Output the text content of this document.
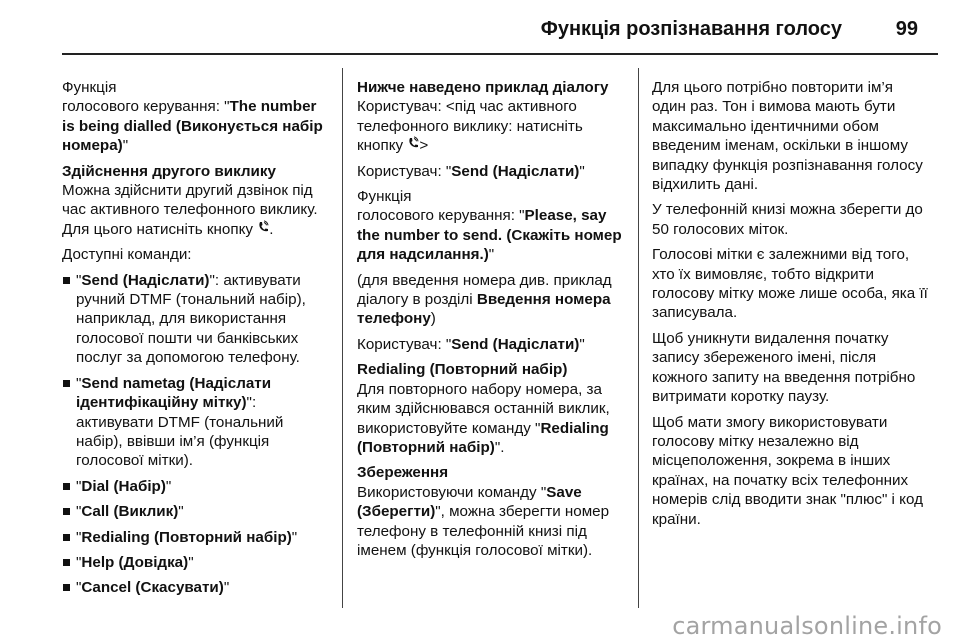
Функція розпізнавання голосу	99

Функція
голосового керування: "The number is being dialled (Виконується набір номера)"

Здійснення другого виклику

Можна здійснити другий дзвінок під час активного телефонного виклику. Для цього натисніть кнопку .

Доступні команди:

"Send (Надіслати)": активувати ручний DTMF (тональний набір), наприклад, для використання голосової пошти чи банківських послуг за допомогою телефону.
"Send nametag (Надіслати ідентифікаційну мітку)": активувати DTMF (тональний набір), ввівши ім’я (функція голосової мітки).
"Dial (Набір)"
"Call (Виклик)"
"Redialing (Повторний набір)"
"Help (Довідка)"
"Cancel (Скасувати)"

Нижче наведено приклад діалогу

Користувач: <під час активного телефонного виклику: натисніть кнопку >

Користувач: "Send (Надіслати)"

Функція
голосового керування: "Please, say the number to send. (Скажіть номер для надсилання.)"

(для введення номера див. приклад діалогу в розділі Введення номера телефону)

Користувач: "Send (Надіслати)"

Redialing (Повторний набір)

Для повторного набору номера, за яким здійснювався останній виклик, використовуйте команду "Redialing (Повторний набір)".

Збереження

Використовуючи команду "Save (Зберегти)", можна зберегти номер телефону в телефонній книзі під іменем (функція голосової мітки).

Для цього потрібно повторити ім’я один раз. Тон і вимова мають бути максимально ідентичними обом введеним іменам, оскільки в іншому випадку функція розпізнавання голосу відхилить дані.

У телефонній книзі можна зберегти до 50 голосових міток.

Голосові мітки є залежними від того, хто їх вимовляє, тобто відкрити голосову мітку може лише особа, яка її записувала.

Щоб уникнути видалення початку запису збереженого імені, після кожного запиту на введення потрібно витримати коротку паузу.

Щоб мати змогу використовувати голосову мітку незалежно від місцеположення, зокрема в інших країнах, на початку всіх телефонних номерів слід вводити знак "плюс" і код країни.

carmanualsonline.info
